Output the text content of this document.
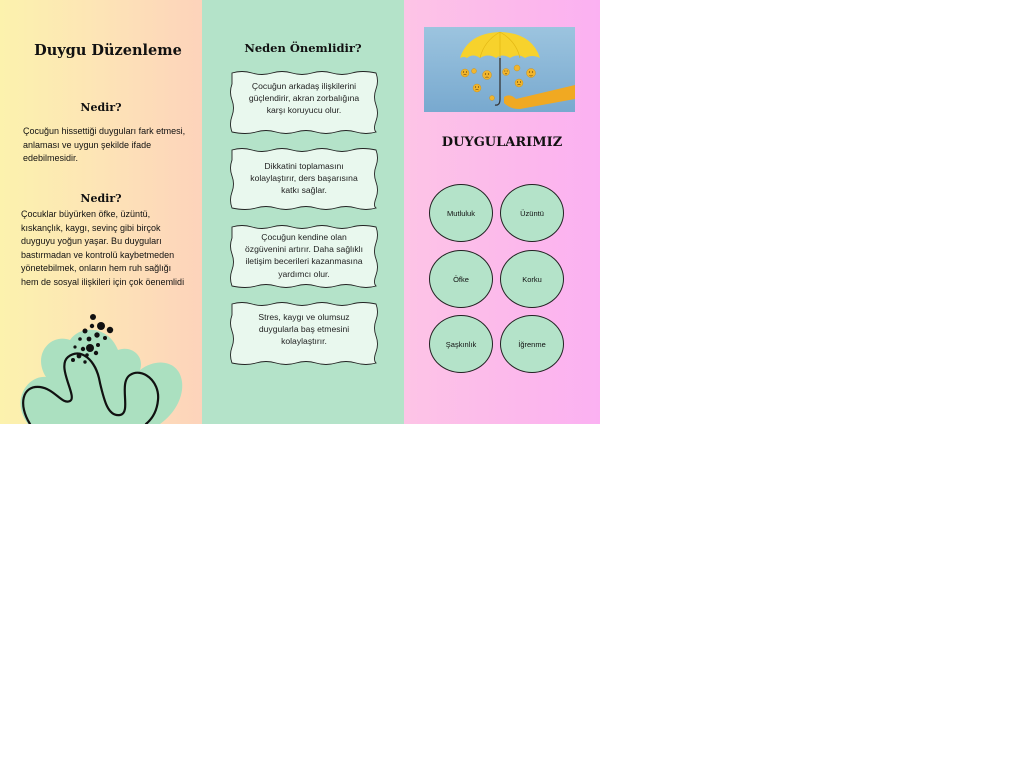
Duygu Düzenleme
Nedir?
Çocuğun hissettiği duyguları fark etmesi, anlaması ve uygun şekilde ifade edebilmesidir.
Nedir?
Çocuklar büyürken öfke, üzüntü, kıskançlık, kaygı, sevinç gibi birçok duyguyu yoğun yaşar. Bu duyguları bastırmadan ve kontrolü kaybetmeden yönetebilmek, onların hem ruh sağlığı hem de sosyal ilişkileri için çok öenemlidi
Neden Önemlidir?
Çocuğun arkadaş ilişkilerini güçlendirir, akran zorbalığına karşı koruyucu olur.
Dikkatini toplamasını kolaylaştırır, ders başarısına katkı sağlar.
Çocuğun kendine olan özgüvenini artırır. Daha sağlıklı iletişim becerileri kazanmasına yardımcı olur.
Stres, kaygı ve olumsuz duygularla baş etmesini kolaylaştırır.
DUYGULARIMIZ
Mutluluk	Üzüntü
Öfke	Korku
Şaşkınlık	İğrenme
